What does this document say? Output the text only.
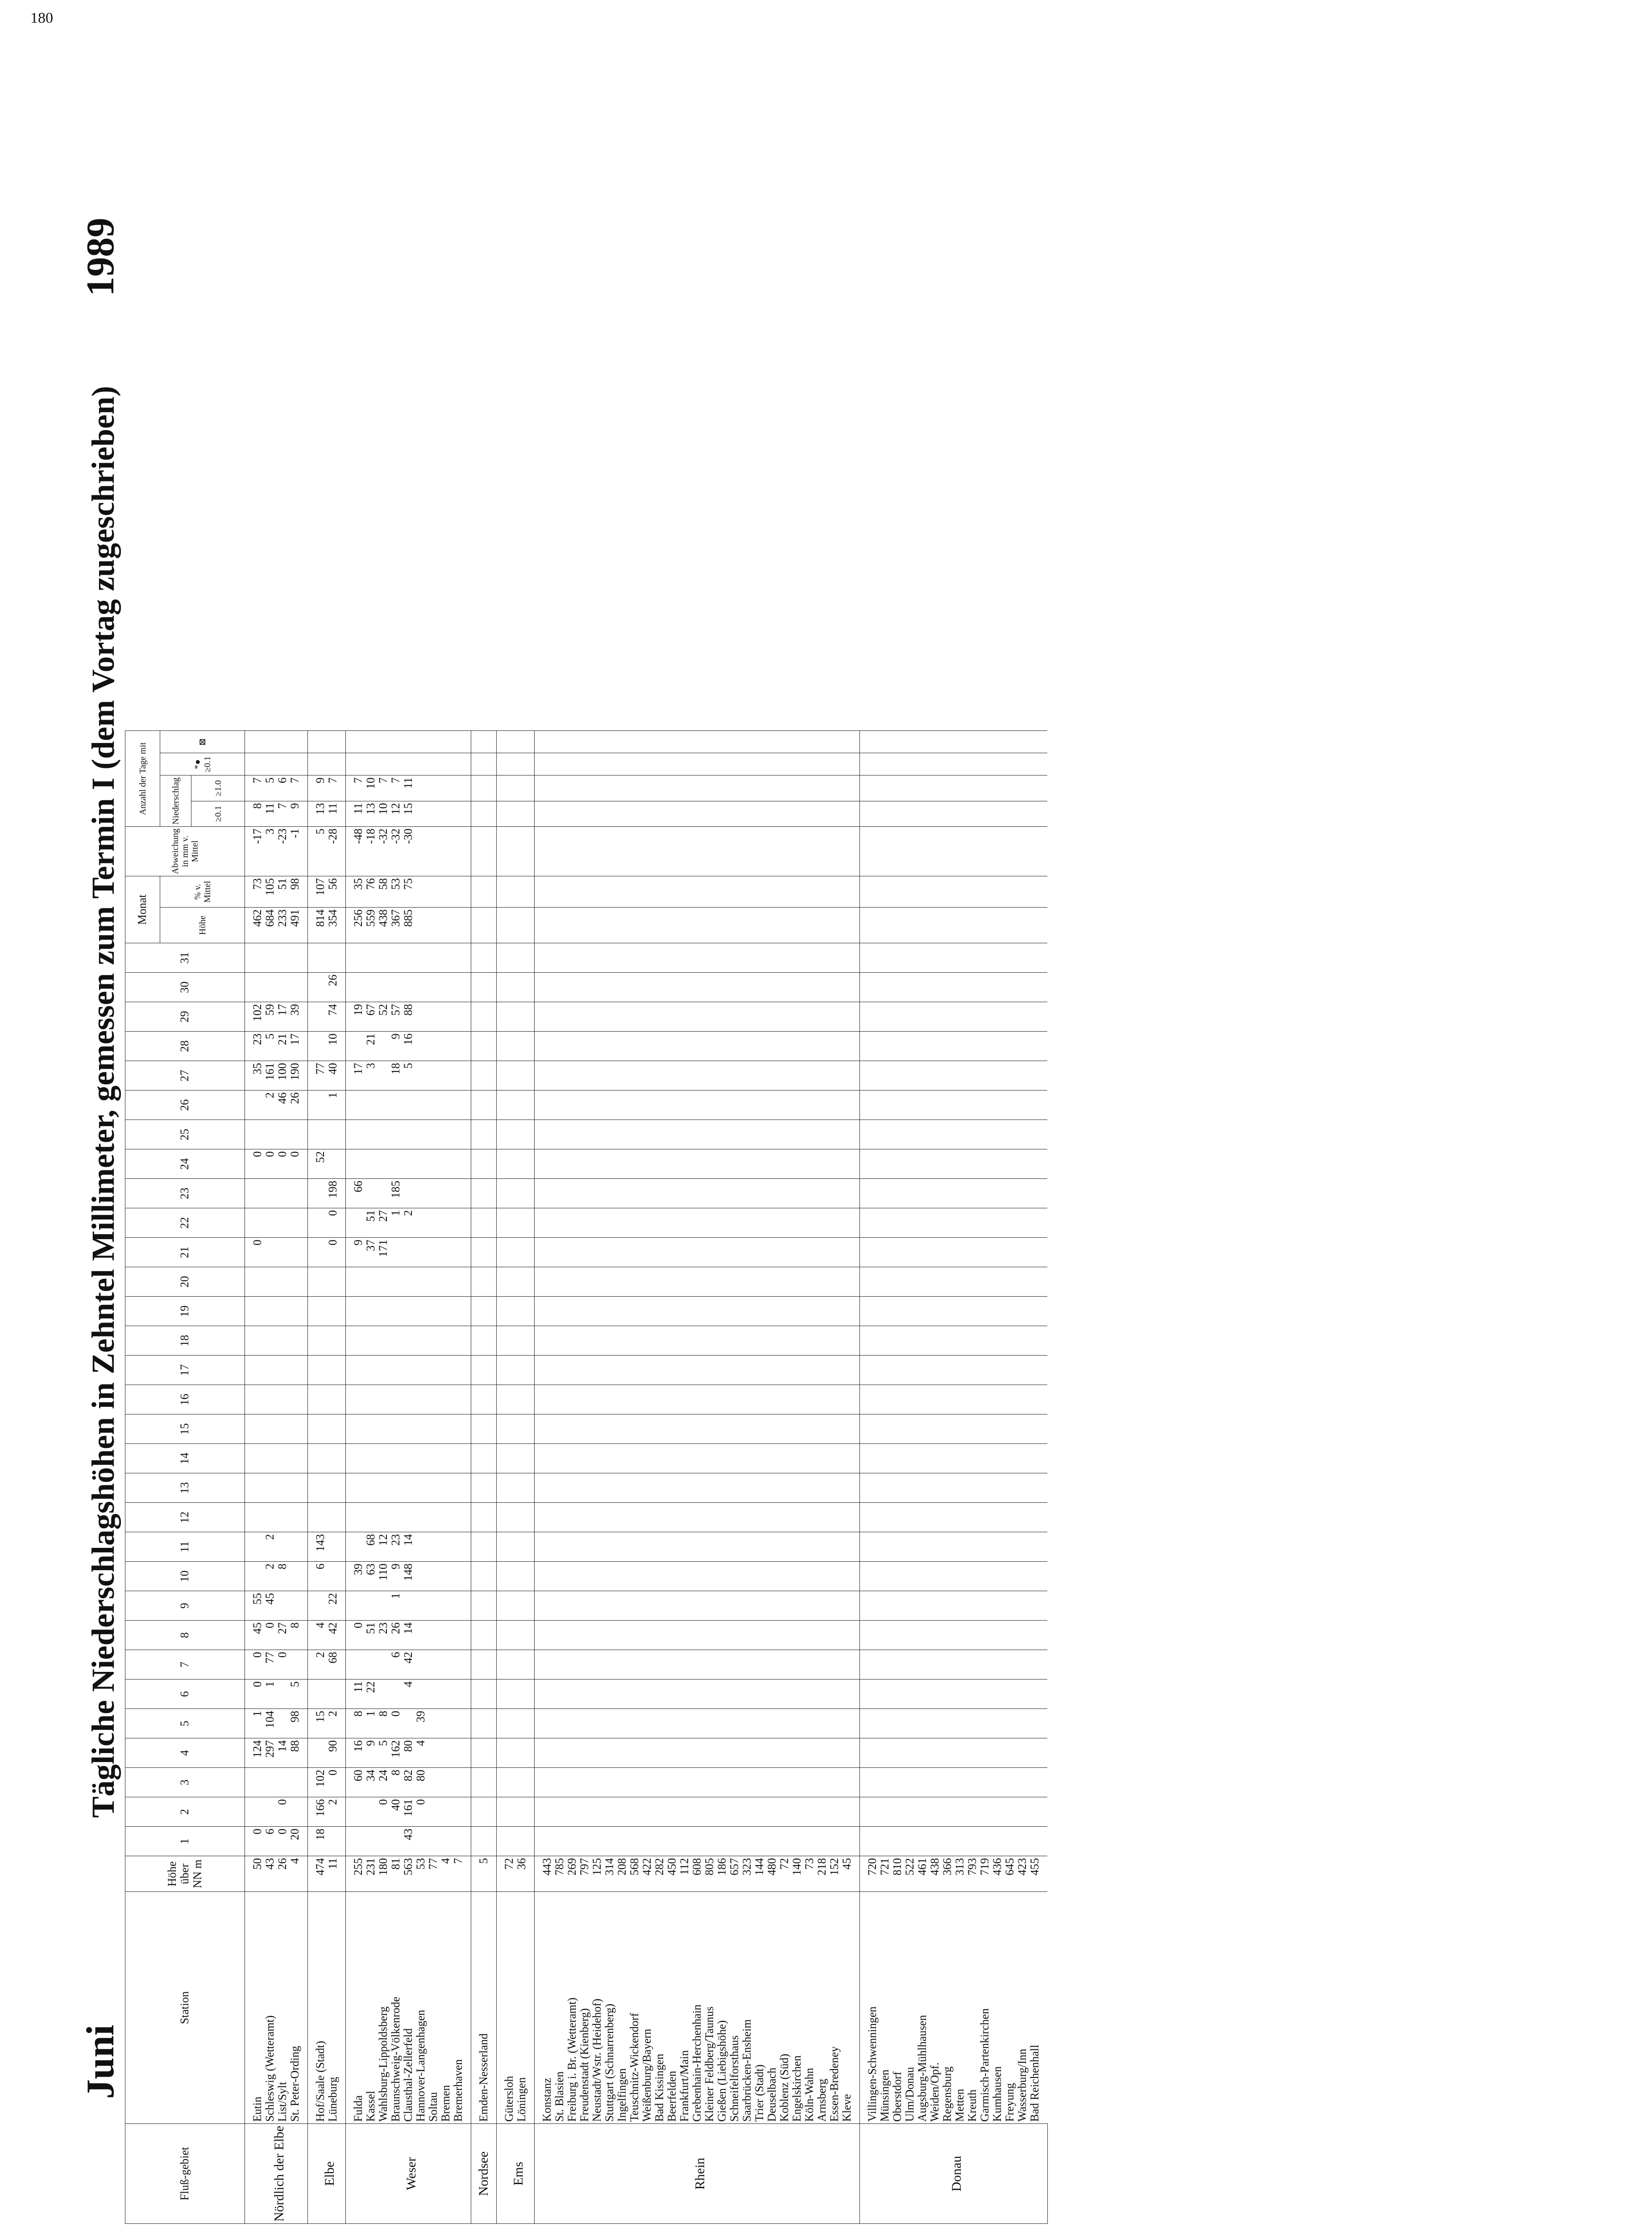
180
Juni
Tägliche Niederschlagshöhen in Zehntel Millimeter, gemessen zum Termin I (dem Vortag zugeschrieben)
1989
Fluß-gebiet	Station	Höhe über NN m	1	2	3	4	5	6	7	8	9	10	11	12	13	14	15	16	17	18	19	20	21	22	23	24	25	26	27	28	29	30	31	Monat		Abweichung in mm v. Mittel	Anzahl der Tage mit			
																																		Höhe	% v. Mittel		Niederschlag		*● ≥0.1	⊠
																																					≥0.1	≥1.0		
Nördlich der Elbe	Eutin	50	0			124	1	0	0	45	55												0			0			35	23	102			462	73	-17	8	7		
	Schleswig (Wetteramt)	43	6			297	104	1	77	0	45	2	2													0		2	161	5	59			684	105	3	11	5		
	List/Sylt	26	0	0		14			0	27		8														0		46	100	21	17			233	51	-23	7	6		
	St. Peter-Ording	4	20			88	98	5		8																0		26	190	17	39			491	98	-1	9	7		
Elbe	Hof/Saale (Stadt)	474	18	166	102		15		2	4		6	143													52			77					814	107	5	13	9		
	Lüneburg	11		2	0	90	2		68	42	22												0	0	198			1	40	10	74	26		354	56	-28	11	7		
Weser	Fulda	255			60	16	8	11		0		39											9		66				17		19			256	35	-48	11	7		
	Kassel	231			34	9	1	22		51		63	68										37	51					3	21	67			559	76	-18	13	10		
	Wahlsburg-Lippoldsberg	180		0	24	5	8			23		110	12										171	27							52			438	58	-32	10	7		
	Braunschweig-Völkenrode	81		40	8	162	0		6	26	1	9	23											1	185				18	9	57			367	53	-32	12	7		
	Clausthal-Zellerfeld	563	43	161	82	80		4	42	14		148	14											2					5	16	88			885	75	-30	15	11		
	Hannover-Langenhagen	53		0	80	4	39																																	
	Soltau	77																																						
	Bremen	4																																						
	Bremerhaven	7																																						
Nordsee	Emden-Nesserland	5																																						
Ems	Gütersloh	72																																						
	Löningen	36																																						
Rhein	Konstanz	443																																						
	St. Blasien	785																																						
	Freiburg i. Br. (Wetteramt)	269																																						
	Freudenstadt (Kienberg)	797																																						
	Neustadt/Wstr. (Heidehof)	125																																						
	Stuttgart (Schnarrenberg)	314																																						
	Ingelfingen	208																																						
	Teuschnitz-Wickendorf	568																																						
	Weißenburg/Bayern	422																																						
	Bad Kissingen	282																																						
	Beerfelden	450																																						
	Frankfurt/Main	112																																						
	Grebenhain-Herchenhain	608																																						
	Kleiner Feldberg/Taunus	805																																						
	Gießen (Liebigshöhe)	186																																						
	Schneifelforsthaus	657																																						
	Saarbrücken-Ensheim	323																																						
	Trier (Stadt)	144																																						
	Deuselbach	480																																						
	Koblenz (Süd)	72																																						
	Engelskirchen	140																																						
	Köln-Wahn	73																																						
	Arnsberg	218																																						
	Essen-Bredeney	152																																						
	Kleve	45																																						
Donau	Villingen-Schwenningen	720																																						
	Münsingen	721																																						
	Oberstdorf	810																																						
	Ulm/Donau	522																																						
	Augsburg-Mühlhausen	461																																						
	Weiden/Opf.	438																																						
	Regensburg	366																																						
	Metten	313																																						
	Kreuth	793																																						
	Garmisch-Partenkirchen	719																																						
	Kumhausen	436																																						
	Freyung	645																																						
	Wasserburg/Inn	423																																						
	Bad Reichenhall	455																																						
